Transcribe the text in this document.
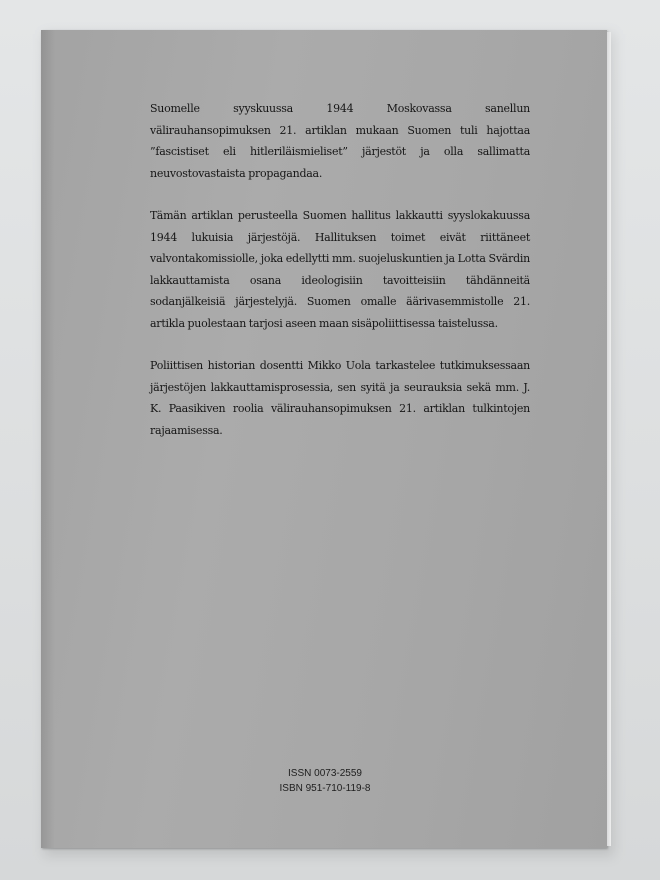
Suomelle syyskuussa 1944 Moskovassa sanellun välirauhansopimuksen 21. artiklan mukaan Suomen tuli hajottaa ”fascistiset eli hitleriläismieliset” järjestöt ja olla sallimatta neuvostovastaista propagandaa.

Tämän artiklan perusteella Suomen hallitus lakkautti syyslokakuussa 1944 lukuisia järjestöjä. Hallituksen toimet eivät riittäneet valvontakomissiolle, joka edellytti mm. suojeluskuntien ja Lotta Svärdin lakkauttamista osana ideologisiin tavoitteisiin tähdänneitä sodanjälkeisiä järjestelyjä. Suomen omalle äärivasemmistolle 21. artikla puolestaan tarjosi aseen maan sisäpoliittisessa taistelussa.

Poliittisen historian dosentti Mikko Uola tarkastelee tutkimuksessaan järjestöjen lakkauttamisprosessia, sen syitä ja seurauksia sekä mm. J. K. Paasikiven roolia välirauhansopimuksen 21. artiklan tulkintojen rajaamisessa.

ISSN 0073-2559
ISBN 951-710-119-8
